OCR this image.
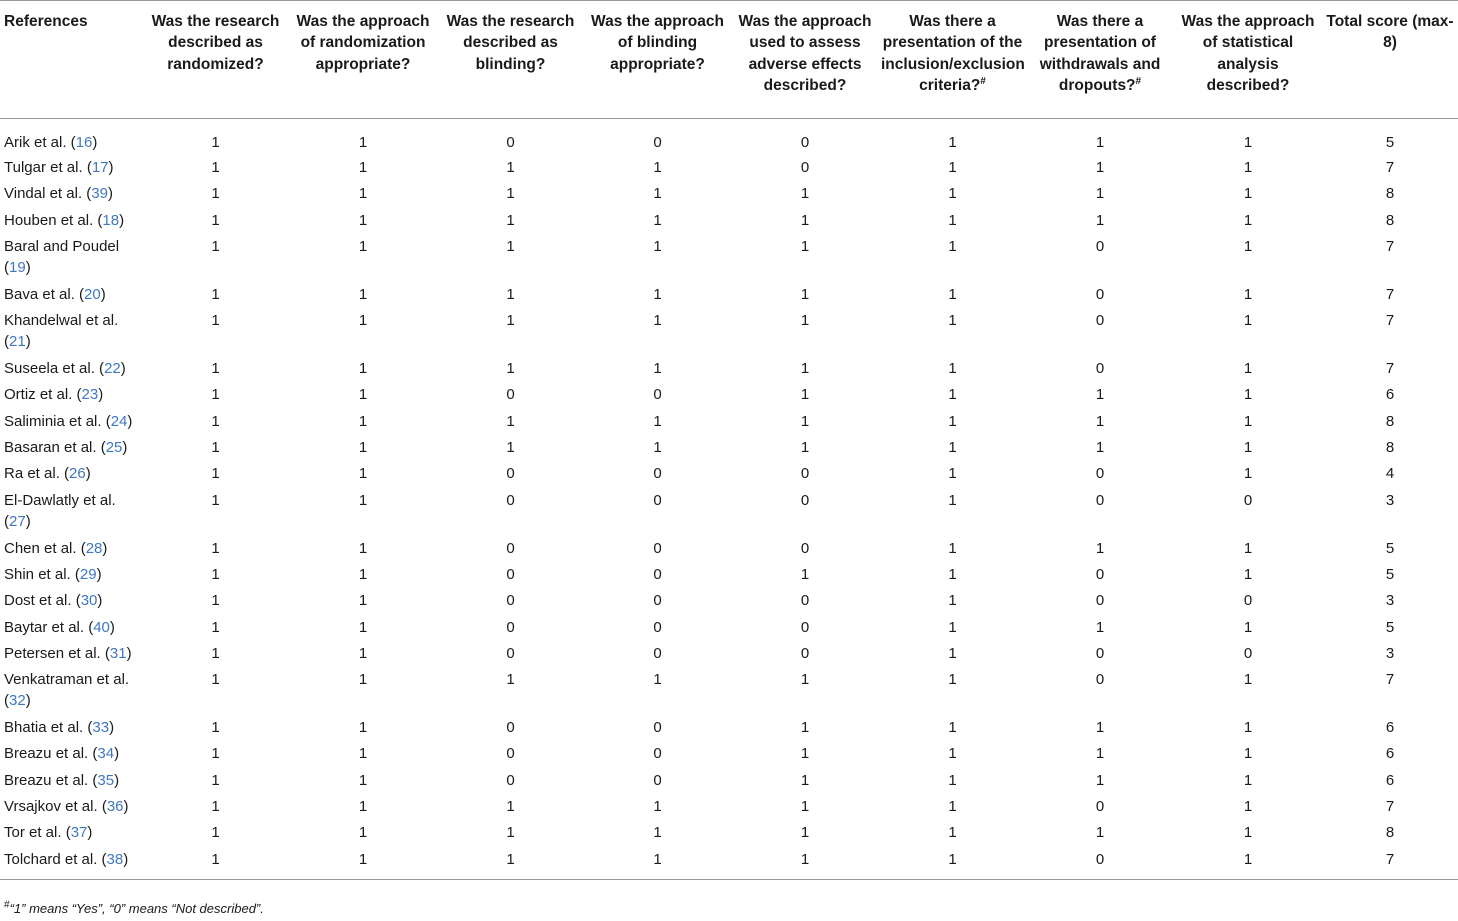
References	Was the research described as randomized?	Was the approach of randomization appropriate?	Was the research described as blinding?	Was the approach of blinding appropriate?	Was the approach used to assess adverse effects described?	Was there a presentation of the inclusion/exclusion criteria?#	Was there a presentation of withdrawals and dropouts?#	Was the approach of statistical analysis described?	Total score (max-8)
Arik et al. (16)	1	1	0	0	0	1	1	1	5
Tulgar et al. (17)	1	1	1	1	0	1	1	1	7
Vindal et al. (39)	1	1	1	1	1	1	1	1	8
Houben et al. (18)	1	1	1	1	1	1	1	1	8
Baral and Poudel (19)	1	1	1	1	1	1	0	1	7
Bava et al. (20)	1	1	1	1	1	1	0	1	7
Khandelwal et al. (21)	1	1	1	1	1	1	0	1	7
Suseela et al. (22)	1	1	1	1	1	1	0	1	7
Ortiz et al. (23)	1	1	0	0	1	1	1	1	6
Saliminia et al. (24)	1	1	1	1	1	1	1	1	8
Basaran et al. (25)	1	1	1	1	1	1	1	1	8
Ra et al. (26)	1	1	0	0	0	1	0	1	4
El-Dawlatly et al. (27)	1	1	0	0	0	1	0	0	3
Chen et al. (28)	1	1	0	0	0	1	1	1	5
Shin et al. (29)	1	1	0	0	1	1	0	1	5
Dost et al. (30)	1	1	0	0	0	1	0	0	3
Baytar et al. (40)	1	1	0	0	0	1	1	1	5
Petersen et al. (31)	1	1	0	0	0	1	0	0	3
Venkatraman et al. (32)	1	1	1	1	1	1	0	1	7
Bhatia et al. (33)	1	1	0	0	1	1	1	1	6
Breazu et al. (34)	1	1	0	0	1	1	1	1	6
Breazu et al. (35)	1	1	0	0	1	1	1	1	6
Vrsajkov et al. (36)	1	1	1	1	1	1	0	1	7
Tor et al. (37)	1	1	1	1	1	1	1	1	8
Tolchard et al. (38)	1	1	1	1	1	1	0	1	7
#“1” means “Yes”, “0” means “Not described”.
